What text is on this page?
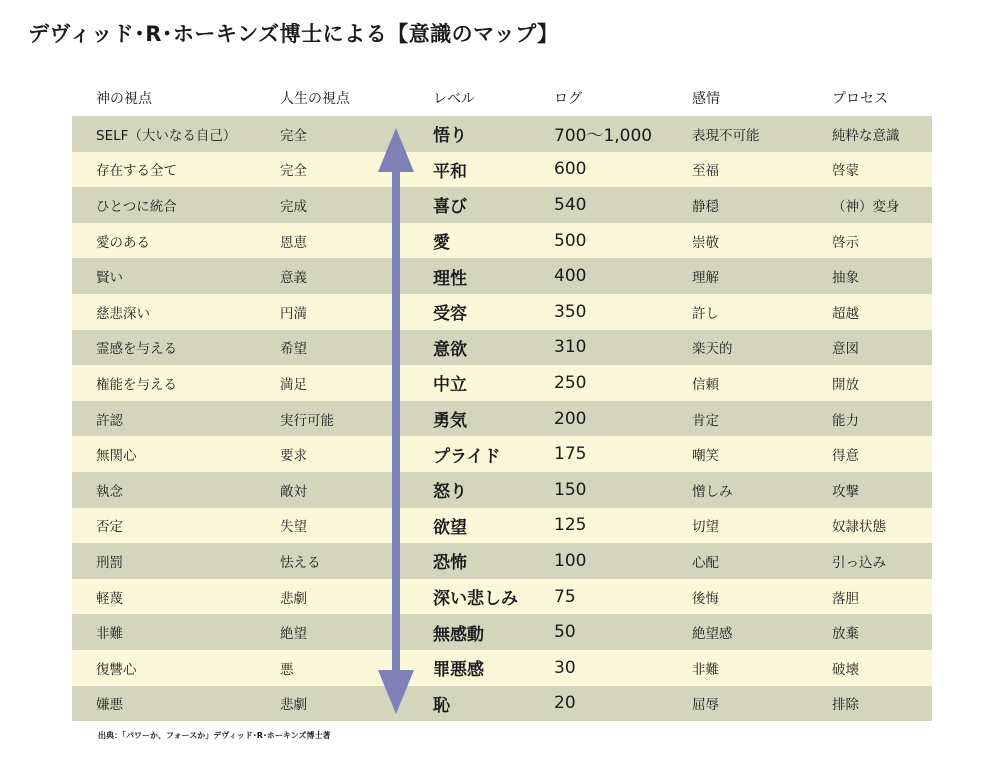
デヴィッド･R･ホーキンズ博士による【意識のマップ】
神の視点	人生の視点	レベル	ログ	感情	プロセス
SELF（大いなる自己）	完全	悟り	700〜1,000	表現不可能	純粋な意識
存在する全て	完全	平和	600	至福	啓蒙
ひとつに統合	完成	喜び	540	静穏	（神）変身
愛のある	恩恵	愛	500	崇敬	啓示
賢い	意義	理性	400	理解	抽象
慈悲深い	円満	受容	350	許し	超越
霊感を与える	希望	意欲	310	楽天的	意図
権能を与える	満足	中立	250	信頼	開放
許認	実行可能	勇気	200	肯定	能力
無関心	要求	プライド	175	嘲笑	得意
執念	敵対	怒り	150	憎しみ	攻撃
否定	失望	欲望	125	切望	奴隷状態
刑罰	怯える	恐怖	100	心配	引っ込み
軽蔑	悲劇	深い悲しみ 75	後悔	落胆
非難	絶望	無感動	50	絶望感	放棄
復讐心	悪	罪悪感	30	非難	破壊
嫌悪	悲劇	恥	20	屈辱	排除
出典：「パワーか、フォースか」デヴィッド･R･ホーキンズ博士著
